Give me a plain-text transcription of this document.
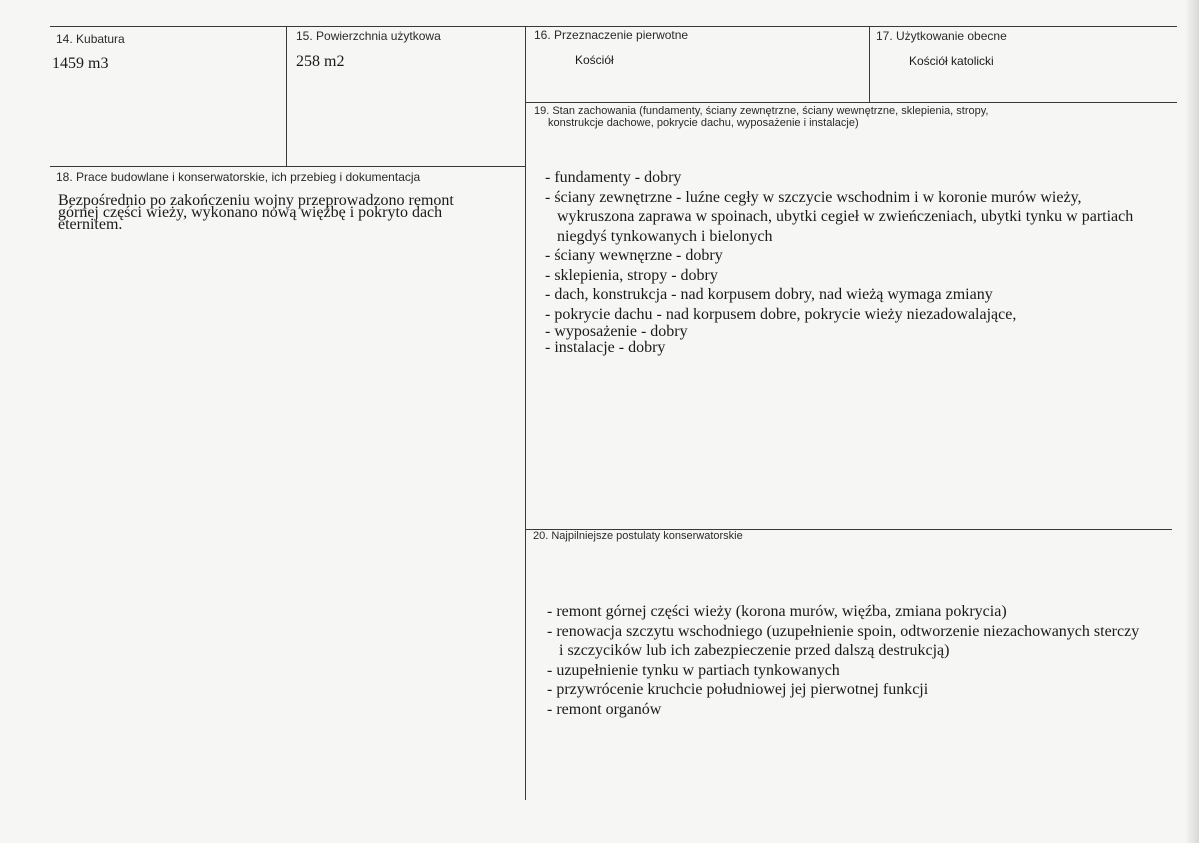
14. Kubatura
1459 m3
15. Powierzchnia użytkowa
258 m2
16. Przeznaczenie pierwotne
Kościół
17. Użytkowanie obecne
Kościół katolicki
18. Prace budowlane i konserwatorskie, ich przebieg i dokumentacja
Bezpośrednio po zakończeniu wojny przeprowadzono remont
górnej części wieży, wykonano nową więźbę i pokryto dach
eternitem.
19. Stan zachowania (fundamenty, ściany zewnętrzne, ściany wewnętrzne, sklepienia, stropy,
konstrukcje dachowe, pokrycie dachu, wyposażenie i instalacje)
- fundamenty - dobry
- ściany zewnętrzne - luźne cegły w szczycie wschodnim i w koronie murów wieży,
wykruszona zaprawa w spoinach, ubytki cegieł w zwieńczeniach, ubytki tynku w partiach
niegdyś tynkowanych i bielonych
- ściany wewnęrzne - dobry
- sklepienia, stropy - dobry
- dach, konstrukcja - nad korpusem dobry, nad wieżą wymaga zmiany
- pokrycie dachu - nad korpusem dobre, pokrycie wieży niezadowalające,
- wyposażenie - dobry
- instalacje - dobry
20. Najpilniejsze postulaty konserwatorskie
- remont górnej części wieży (korona murów, więźba, zmiana pokrycia)
- renowacja szczytu wschodniego (uzupełnienie spoin, odtworzenie niezachowanych sterczy
i szczycików lub ich zabezpieczenie przed dalszą destrukcją)
- uzupełnienie tynku w partiach tynkowanych
- przywrócenie kruchcie południowej jej pierwotnej funkcji
- remont organów
